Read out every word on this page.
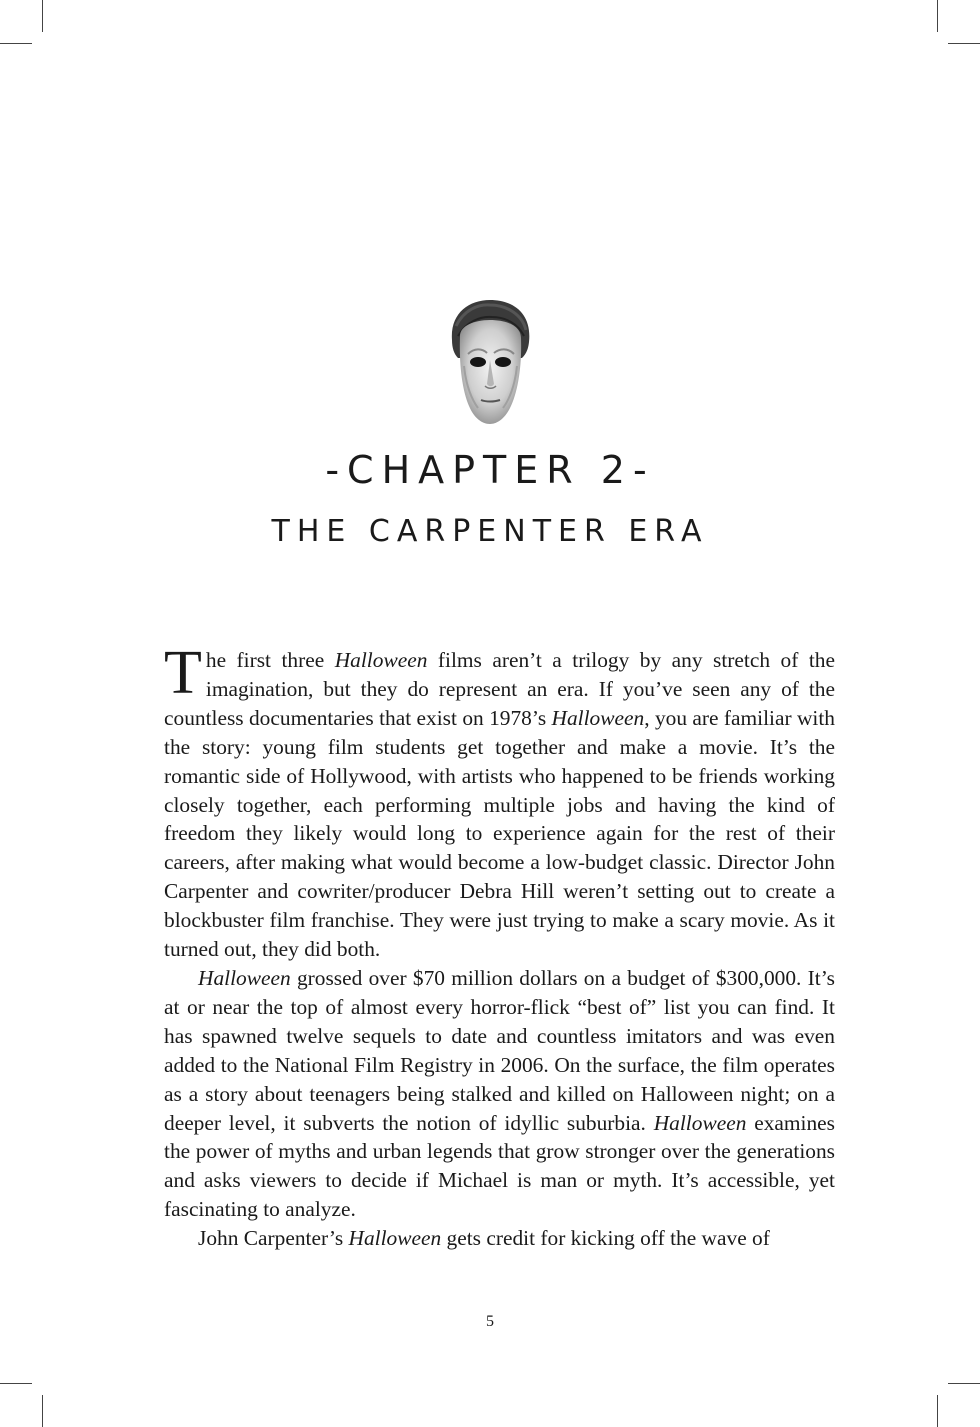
-CHAPTER 2-
THE CARPENTER ERA

The first three Halloween films aren’t a trilogy by any stretch of the imagination, but they do represent an era. If you’ve seen any of the countless documentaries that exist on 1978’s Halloween, you are familiar with the story: young film students get together and make a movie. It’s the romantic side of Hollywood, with artists who happened to be friends working closely together, each performing multiple jobs and having the kind of freedom they likely would long to experience again for the rest of their careers, after making what would become a low-budget classic. Director John Carpenter and cowriter/producer Debra Hill weren’t setting out to create a blockbuster film franchise. They were just trying to make a scary movie. As it turned out, they did both.

Halloween grossed over $70 million dollars on a budget of $300,000. It’s at or near the top of almost every horror-flick “best of” list you can find. It has spawned twelve sequels to date and countless imitators and was even added to the National Film Registry in 2006. On the surface, the film operates as a story about teenagers being stalked and killed on Halloween night; on a deeper level, it subverts the notion of idyllic suburbia. Halloween examines the power of myths and urban legends that grow stronger over the generations and asks viewers to decide if Michael is man or myth. It’s accessible, yet fascinating to analyze.

John Carpenter’s Halloween gets credit for kicking off the wave of

5
